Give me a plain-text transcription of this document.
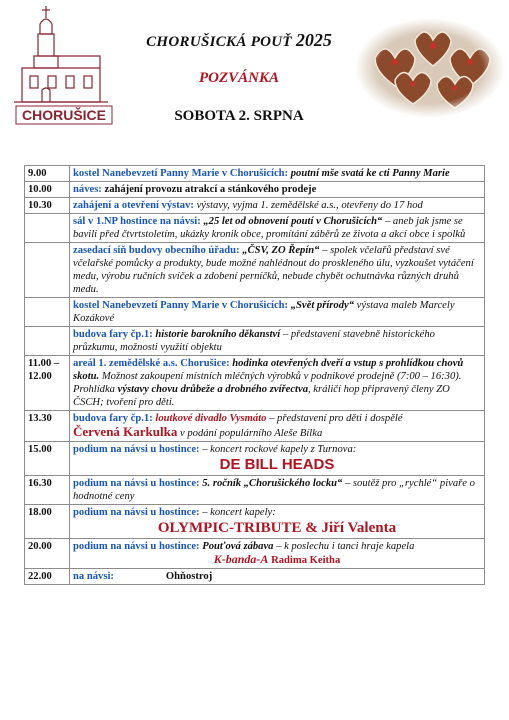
CHORUŠICE
CHORUŠICKÁ POUŤ 2025
POZVÁNKA
SOBOTA 2. SRPNA
9.00	kostel Nanebevzetí Panny Marie v Chorušicích: poutní mše svatá ke cti Panny Marie
10.00	náves: zahájení provozu atrakcí a stánkového prodeje
10.30	zahájení a otevření výstav: výstavy, vyjma 1. zemědělské a.s., otevřeny do 17 hod
	sál v 1.NP hostince na návsi: „25 let od obnovení poutí v Chorušicích“ – aneb jak jsme se bavili před čtvrtstoletím, ukázky kronik obce, promítání záběrů ze života a akcí obce i spolků
	zasedací síň budovy obecního úřadu: „ČSV, ZO Řepín“ – spolek včelařů představí své včelařské pomůcky a produkty, bude možné nahlédnout do proskleného úlu, vyzkoušet vytáčení medu, výrobu ručních svíček a zdobení perníčků, nebude chybět ochutnávka různých druhů medu.
	kostel Nanebevzetí Panny Marie v Chorušicích: „Svět přírody“ výstava maleb Marcely Kozákové
	budova fary čp.1: historie barokního děkanství – představení stavebně historického průzkumu, možnosti využití objektu
11.00 – 12.00	areál 1. zemědělské a.s. Chorušice: hodinka otevřených dveří a vstup s prohlídkou chovů skotu. Možnost zakoupení místních mléčných výrobků v podnikové prodejně (7:00 – 16:30).
Prohlídka výstavy chovu drůbeže a drobného zvířectva, králičí hop připravený členy ZO ČSCH; tvoření pro děti.
13.30	budova fary čp.1: loutkové divadlo Vysmáto – představení pro děti i dospělé
Červená Karkulka v podání populárního Aleše Bílka
15.00	podium na návsi u hostince: – koncert rockové kapely z Turnova:
DE BILL HEADS

16.30	podium na návsi u hostince: 5. ročník „Chorušického locku“ – soutěž pro „rychlé“ pivaře o hodnotné ceny
18.00	podium na návsi u hostince: – koncert kapely:
OLYMPIC-TRIBUTE & Jiří Valenta

20.00	podium na návsi u hostince: Pouťová zábava – k poslechu i tanci hraje kapela
K-banda-A Radima Keitha

22.00	na návsi: Ohňostroj
